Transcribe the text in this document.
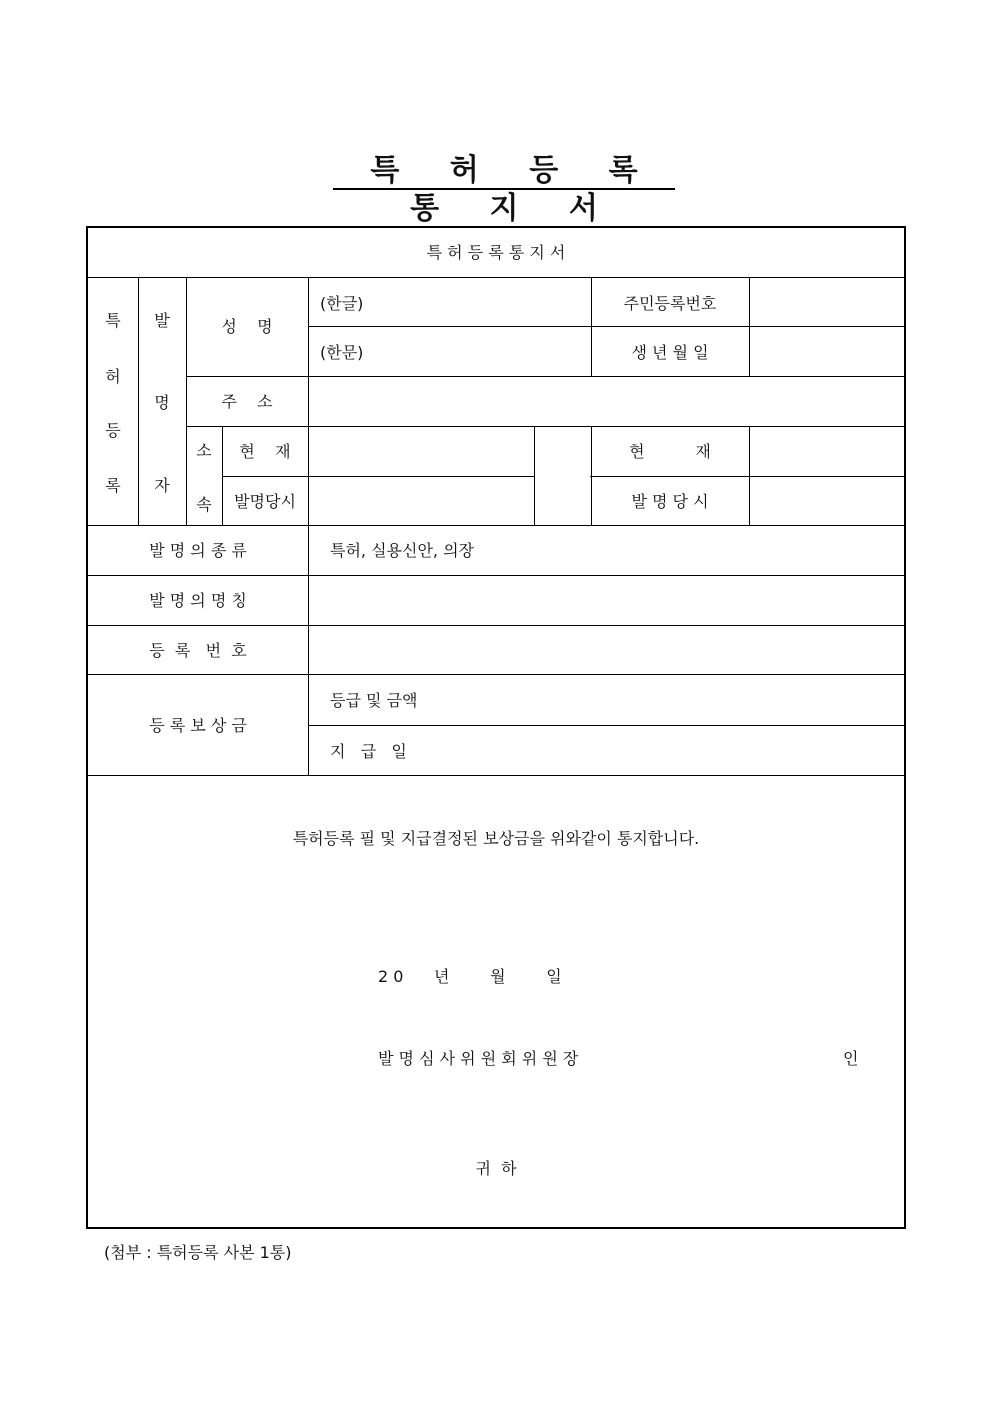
특 허 등 록 통 지 서
특 허 등 록 통 지 서
특
허
등
록
발
명
자
성    명
(한글)
(한문)
주민등록번호
생 년 월 일
주    소
소
속
현    재
발명당시
현          재
발 명 당 시
발 명 의 종 류	특허, 실용신안, 의장
발 명 의 명 칭
등  록   번  호
등 록 보 상 금
등급 및 금액
지   급   일
특허등록 필 및 지급결정된 보상금을 위와같이 통지합니다.
2 0      년        월        일
발 명 심 사 위 원 회 위 원 장	인
귀  하
(첨부 : 특허등록 사본 1통)
